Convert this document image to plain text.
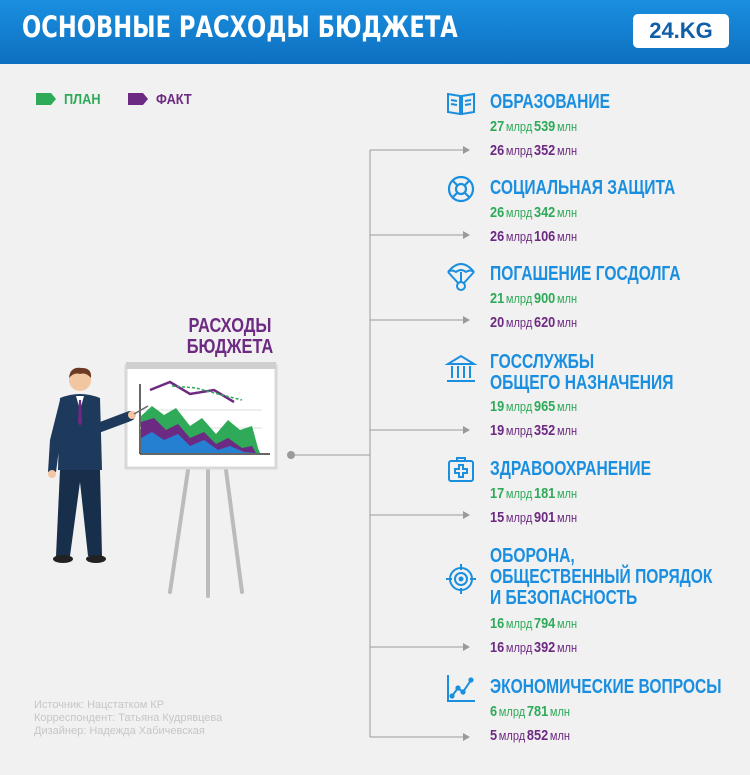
ОСНОВНЫЕ РАСХОДЫ БЮДЖЕТА	24.KG
ПЛАН	ФАКТ
РАСХОДЫ БЮДЖЕТА
ОБРАЗОВАНИЕ
27 млрд 539 млн
26 млрд 352 млн
СОЦИАЛЬНАЯ ЗАЩИТА
26 млрд 342 млн
26 млрд 106 млн
ПОГАШЕНИЕ ГОСДОЛГА
21 млрд 900 млн
20 млрд 620 млн
ГОССЛУЖБЫ
ОБЩЕГО НАЗНАЧЕНИЯ
19 млрд 965 млн
19 млрд 352 млн
ЗДРАВООХРАНЕНИЕ
17 млрд 181 млн
15 млрд 901 млн
ОБОРОНА,
ОБЩЕСТВЕННЫЙ ПОРЯДОК
И БЕЗОПАСНОСТЬ
16 млрд 794 млн
16 млрд 392 млн
ЭКОНОМИЧЕСКИЕ ВОПРОСЫ
6 млрд 781 млн
5 млрд 852 млн
Источник: Нацстатком КР
Корреспондент: Татьяна Кудрявцева
Дизайнер: Надежда Хабичевская
